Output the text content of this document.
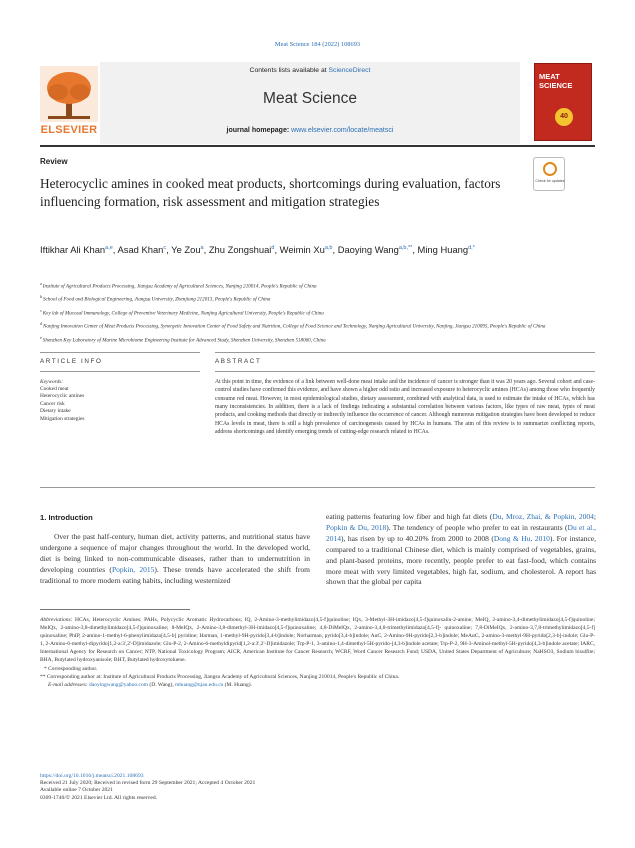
Meat Science 184 (2022) 108693
ELSEVIER
Contents lists available at ScienceDirect
Meat Science
journal homepage: www.elsevier.com/locate/meatsci
MEAT SCIENCE
40
Review
Heterocyclic amines in cooked meat products, shortcomings during evaluation, factors influencing formation, risk assessment and mitigation strategies
Check for updates
Iftikhar Ali Khan$^{a,e}$, Asad Khan$^c$, Ye Zou$^a$, Zhu Zongshuai$^d$, Weimin Xu$^{a,b}$, Daoying Wang$^{a,b,**}$, Ming Huang$^{d,*}$
$^a$ Institute of Agricultural Products Processing, Jiangsu Academy of Agricultural Sciences, Nanjing 210014, People's Republic of China
$^b$ School of Food and Biological Engineering, Jiangsu University, Zhenjiang 212013, People's Republic of China
$^c$ Key lab of Mucosal Immunology, College of Preventive Veterinary Medicine, Nanjing Agricultural University, People's Republic of China
$^d$ Nanjing Innovation Center of Meat Products Processing, Synergetic Innovation Center of Food Safety and Nutrition, College of Food Science and Technology, Nanjing Agricultural University, Nanjing, Jiangsu 210095, People's Republic of China
$^e$ Shenzhen Key Laboratory of Marine Microbiome Engineering Institute for Advanced Study, Shenzhen University, Shenzhen 518060, China
ARTICLE INFO	ABSTRACT
Keywords:
Cooked meat
Heterocyclic amines
Cancer risk
Dietary intake
Mitigation strategies
At this point in time, the evidence of a link between well-done meat intake and the incidence of cancer is stronger than it was 20 years ago. Several cohort and case-control studies have confirmed this evidence, and have shown a higher odd ratio and increased exposure to heterocyclic amines (HCAs) among those who frequently consume red meat. However, in most epidemiological studies, dietary assessment, combined with analytical data, is used to estimate the intake of HCAs, which has many inconsistencies. In addition, there is a lack of findings indicating a substantial correlation between various factors, like types of raw meat, types of meat products, and cooking methods that directly or indirectly influence the occurrence of cancer. Although numerous mitigation strategies have been developed to reduce HCAs levels in meat, there is still a high prevalence of carcinogenesis caused by HCAs in humans. The aim of this review is to summarize conflicting reports, address shortcomings and identify emerging trends of cutting-edge research related to HCAs.
1. Introduction
Over the past half-century, human diet, activity patterns, and nutritional status have undergone a sequence of major changes throughout the world. In the developed world, diet is being linked to non-communicable diseases, rather than to undernutrition in developing countries (Popkin, 2015). These trends have accelerated the shift from traditional to more modern eating habits, including westernized
eating patterns featuring low fiber and high fat diets (Du, Mroz, Zhai, & Popkin, 2004; Popkin & Du, 2018). The tendency of people who prefer to eat in restaurants (Du et al., 2014), has risen by up to 40.20% from 2000 to 2008 (Dong & Hu, 2010). For instance, compared to a traditional Chinese diet, which is mainly comprised of vegetables, grains, and plant-based proteins, more recently, people prefer to eat fast-food, which contains more meat with very limited vegetables, high fat, sodium, and cholesterol. A report has shown that the global per capita
Abbreviations: HCAs, Heterocyclic Amines; PAHs, Polycyclic Aromatic Hydrocarbons; IQ, 2-Amino-3-methylimidazo[4,5-f]quinoline; IQx, 3-Methyl-3H-imidazo[4,5-f]quinoxalin-2-amine; MeIQ, 2-amino-3,4-dimethylimidazo[4,5-f]quinoline; MeIQx, 2-amino-3,8-dimethylimidazo[4,5-f]quinoxaline; 8-MeIQx, 2-Amino-3,8-dimethyl-3H-imidazo[4,5-f]quinoxaline; 4,8-DiMeIQx, 2-amino-3,4,8-trimethylimidazo[4,5-f]- quinoxaline; 7,8-DiMeIQx, 2-amino-3,7,8-trimethylimidazo[4,5-f] quinoxaline; PhIP, 2-amino-1-methyl-6-phenylimidazo[4,5-b] pyridine; Harman, 1-methyl-9H-pyrido[3,4-b]indole; Norharman, pyrido[3,4-b]indole; AαC, 2-Amino-9H-pyrido[2,3-b]indole; MeAαC, 2-amino-3-methyl-9H-pyrido[2,3-b]-indole; Glu-P-1, 2-Amino-6-methyl-dipyrido[1,2-a:3',2'-D]imidazole; Glu-P-2, 2-Amino-6-methyldipyrid[1,2-a:3',2'-D]imidazole; Trp-P-1, 3-amino-1,4-dimethyl-5H-pyrido-[4,3-b]indole acetate; Trp-P-2, 9H-3-Aminol-methyl-5H-pyrido[4,3-b]indole acetate; IARC, International Agency for Research on Cancer; NTP, National Toxicology Program; AICR, American Institute for Cancer Research; WCRF, Word Cancer Research Fund; USDA, United States Department of Agriculture; NaHSO3, Sodium bisulfite; BHA, Butylated hydroxyanisole; BHT, Butylated hydroxytoluene.
* Corresponding author.
** Corresponding author at: Institute of Agricultural Products Processing, Jiangsu Academy of Agricultural Sciences, Nanjing 210014, People's Republic of China.
E-mail addresses: daoyingwang@yahoo.com (D. Wang), mhuang@njau.edu.cn (M. Huang).
https://doi.org/10.1016/j.meatsci.2021.108693
Received 21 July 2020; Received in revised form 29 September 2021; Accepted 4 October 2021
Available online 7 October 2021
0309-1740/© 2021 Elsevier Ltd. All rights reserved.
